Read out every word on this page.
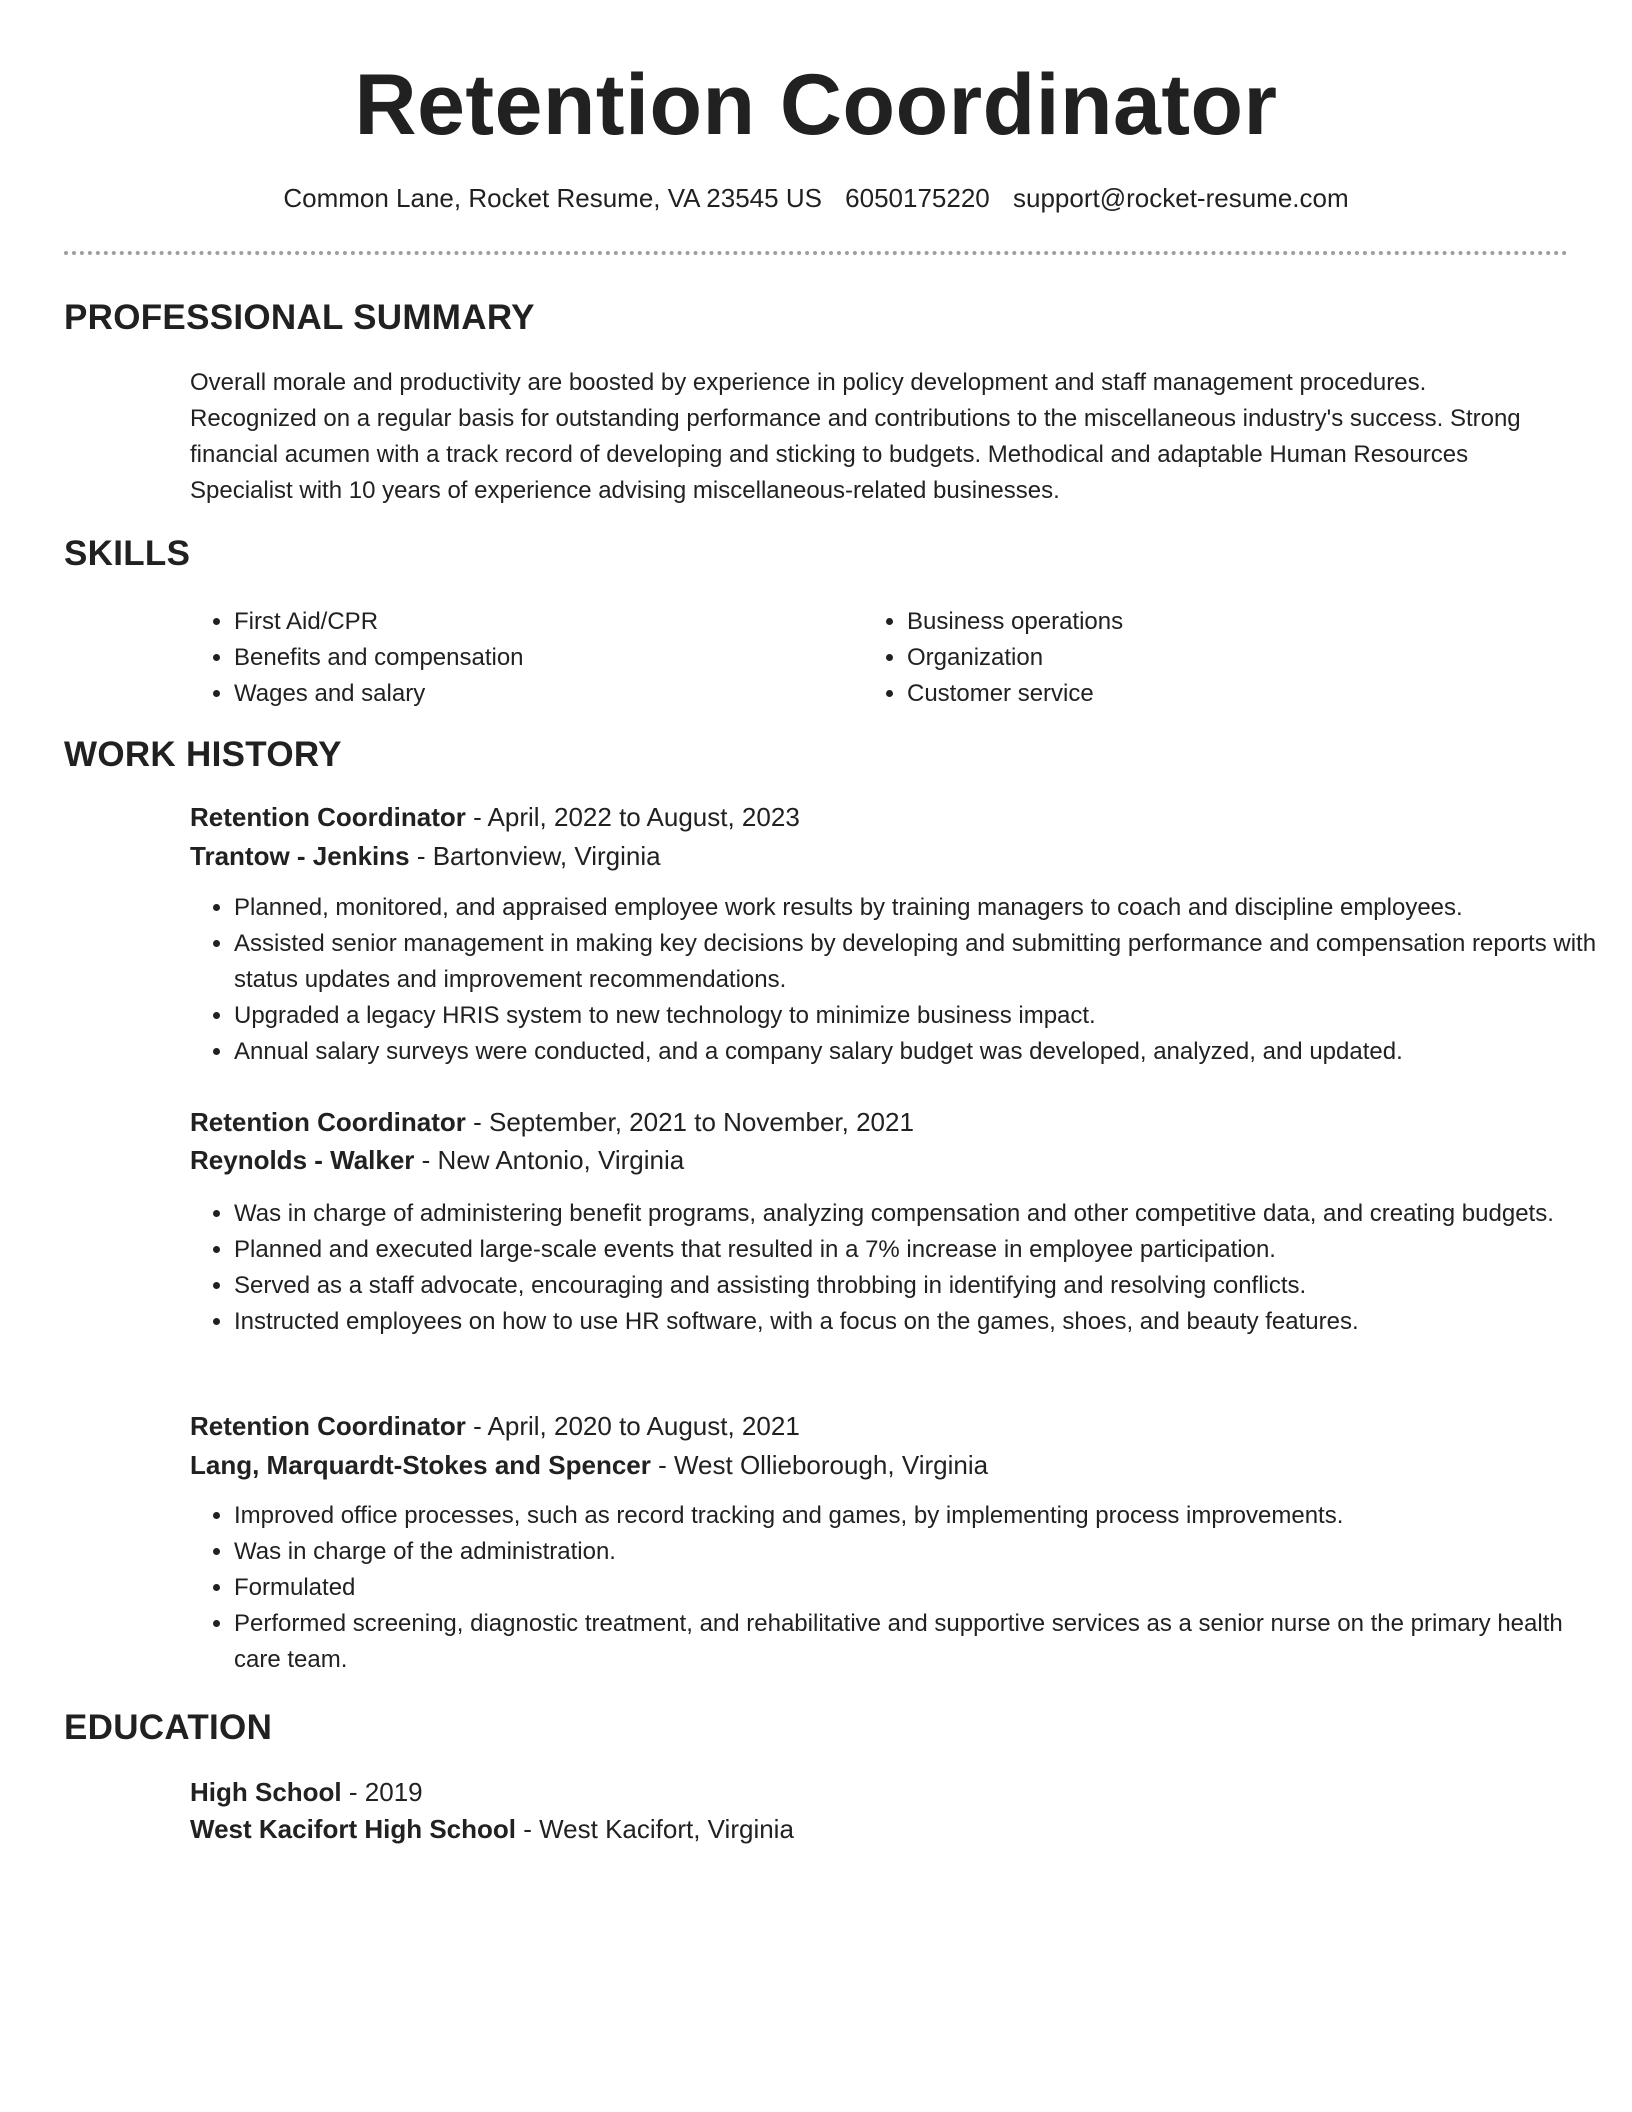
Retention Coordinator
Common Lane, Rocket Resume, VA 23545 US 6050175220 support@rocket-resume.com
PROFESSIONAL SUMMARY

Overall morale and productivity are boosted by experience in policy development and staff management procedures. Recognized on a regular basis for outstanding performance and contributions to the miscellaneous industry's success. Strong financial acumen with a track record of developing and sticking to budgets. Methodical and adaptable Human Resources Specialist with 10 years of experience advising miscellaneous-related businesses.

SKILLS
• First Aid/CPR
• Benefits and compensation
• Wages and salary
• Business operations
• Organization
• Customer service
WORK HISTORY
Retention Coordinator - April, 2022 to August, 2023
Trantow - Jenkins - Bartonview, Virginia
• Planned, monitored, and appraised employee work results by training managers to coach and discipline employees.
• Assisted senior management in making key decisions by developing and submitting performance and compensation reports with status updates and improvement recommendations.
• Upgraded a legacy HRIS system to new technology to minimize business impact.
• Annual salary surveys were conducted, and a company salary budget was developed, analyzed, and updated.
Retention Coordinator - September, 2021 to November, 2021
Reynolds - Walker - New Antonio, Virginia
• Was in charge of administering benefit programs, analyzing compensation and other competitive data, and creating budgets.
• Planned and executed large-scale events that resulted in a 7% increase in employee participation.
• Served as a staff advocate, encouraging and assisting throbbing in identifying and resolving conflicts.
• Instructed employees on how to use HR software, with a focus on the games, shoes, and beauty features.
Retention Coordinator - April, 2020 to August, 2021
Lang, Marquardt-Stokes and Spencer - West Ollieborough, Virginia
• Improved office processes, such as record tracking and games, by implementing process improvements.
• Was in charge of the administration.
• Formulated
• Performed screening, diagnostic treatment, and rehabilitative and supportive services as a senior nurse on the primary health care team.
EDUCATION
High School - 2019
West Kacifort High School - West Kacifort, Virginia
